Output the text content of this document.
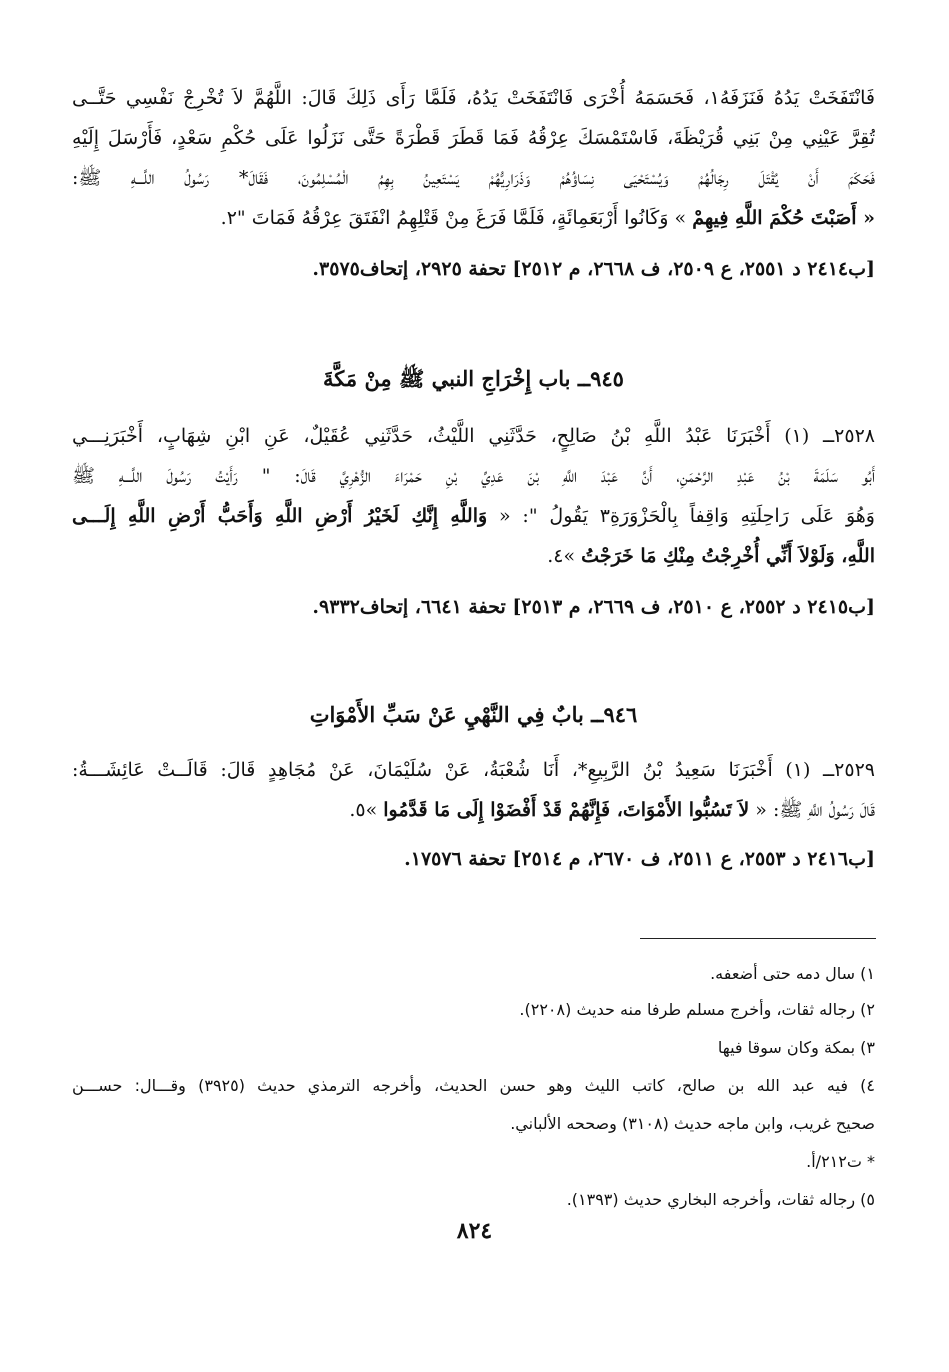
فَانْتَفَخَتْ يَدُهُ فَنَزَفَهُ١، فَحَسَمَهُ أُخْرَى فَانْتَفَخَتْ يَدُهُ، فَلَمَّا رَأَى ذَلِكَ قَالَ: اللَّهُمَّ لاَ تُخْرِجْ نَفْسِي حَتَّــى
تُقِرَّ عَيْنِي مِنْ بَنِي قُرَيْظَةَ، فَاسْتَمْسَكَ عِرْقُهُ فَمَا قَطَرَ قَطْرَةً حَتَّى نَزَلُوا عَلَى حُكْمِ سَعْدٍ، فَأَرْسَلَ إِلَيْهِ
فَحَكَمَ أَنْ يُقْتَلَ رِجَالُهُمْ وَيُسْتَحْيَى نِسَاؤُهُمْ وَذَرَارِيُّهُمْ يَسْتَعِينُ بِهِمُ الْمُسْلِمُونَ، فَقَالَ* رَسُولُ اللَّـــهِ ﷺ:
« أَصَبْتَ حُكْمَ اللَّهِ فِيهِمْ » وَكَانُوا أَرْبَعَمِائَةٍ، فَلَمَّا فَرَغَ مِنْ قَتْلِهِمُ انْفَتَقَ عِرْقُهُ فَمَاتَ "٢.
[ب٢٤١٤ د ٢٥٥١، ع ٢٥٠٩، ف ٢٦٦٨، م ٢٥١٢] تحفة ٢٩٢٥، إتحاف٣٥٧٥.
٩٤٥ــ باب إِخْرَاجِ النبي ﷺ مِنْ مَكَّةَ
٢٥٢٨ــ (١) أَخْبَرَنَا عَبْدُ اللَّهِ بْنُ صَالِحٍ، حَدَّثَنِي اللَّيْثُ، حَدَّثَنِي عُقَيْلٌ، عَنِ ابْنِ شِهَابٍ، أَخْبَرَنِـــي
أَبُو سَلَمَةَ بْنُ عَبْدِ الرَّحْمَنِ، أَنَّ عَبْدَ اللَّهِ بْنَ عَدِيِّ بْنِ حَمْرَاءَ الزُّهْرِيَّ قَالَ: " رَأَيْتُ رَسُولَ اللَّـــهِ ﷺ
وَهُوَ عَلَى رَاحِلَتِهِ وَاقِفاً بِالْحَزْوَرَةِ٣ يَقُولُ ": « وَاللَّهِ إِنَّكِ لَخَيْرُ أَرْضِ اللَّهِ وَأَحَبُّ أَرْضِ اللَّهِ إِلَـــى
اللَّهِ، وَلَوْلاَ أَنِّي أُخْرِجْتُ مِنْكِ مَا خَرَجْتُ »٤.
[ب٢٤١٥ د ٢٥٥٢، ع ٢٥١٠، ف ٢٦٦٩، م ٢٥١٣] تحفة ٦٦٤١، إتحاف٩٣٣٢.
٩٤٦ــ بابٌ فِي النَّهْيِ عَنْ سَبِّ الأَمْوَاتِ
٢٥٢٩ــ (١) أَخْبَرَنَا سَعِيدُ بْنُ الرَّبِيعِ*، أَنَا شُعْبَةُ، عَنْ سُلَيْمَانَ، عَنْ مُجَاهِدٍ قَالَ: قَالَــتْ عَائِشَـــةُ:
قَالَ رَسُولُ اللَّهِ ﷺ: « لاَ تَسُبُّوا الأَمْوَاتَ، فَإِنَّهُمْ قَدْ أَفْضَوْا إِلَى مَا قَدَّمُوا »٥.
[ب٢٤١٦ د ٢٥٥٣، ع ٢٥١١، ف ٢٦٧٠، م ٢٥١٤] تحفة ١٧٥٧٦.
١) سال دمه حتى أضعفه.
٢) رجاله ثقات، وأخرج مسلم طرفا منه حديث (٢٢٠٨).
٣) بمكة وكان سوقا فيها
٤) فيه عبد الله بن صالح، كاتب الليث وهو حسن الحديث، وأخرجه الترمذي حديث (٣٩٢٥) وقـــال: حســـن
صحيح غريب، وابن ماجه حديث (٣١٠٨) وصححه الألباني.
* ت٢١٢/أ.
٥) رجاله ثقات، وأخرجه البخاري حديث (١٣٩٣).
٨٢٤
